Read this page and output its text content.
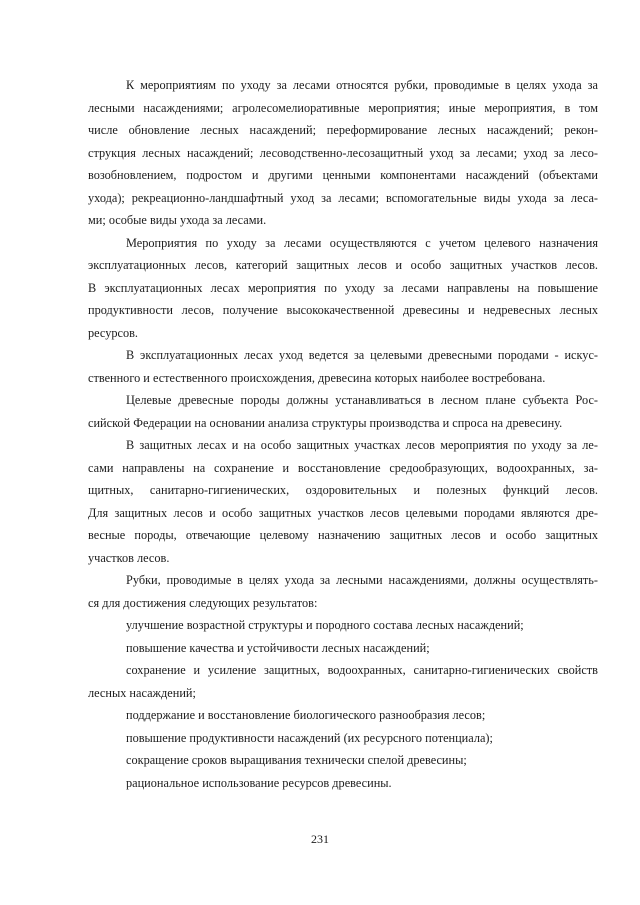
К мероприятиям по уходу за лесами относятся рубки, проводимые в целях ухода за
лесными насаждениями; агролесомелиоративные мероприятия; иные мероприятия, в том
числе обновление лесных насаждений; переформирование лесных насаждений; рекон-
струкция лесных насаждений; лесоводственно-лесозащитный уход за лесами; уход за лесо-
возобновлением, подростом и другими ценными компонентами насаждений (объектами
ухода); рекреационно-ландшафтный уход за лесами; вспомогательные виды ухода за леса-
ми; особые виды ухода за лесами.
Мероприятия по уходу за лесами осуществляются с учетом целевого назначения
эксплуатационных лесов, категорий защитных лесов и особо защитных участков лесов.
В эксплуатационных лесах мероприятия по уходу за лесами направлены на повышение
продуктивности лесов, получение высококачественной древесины и недревесных лесных
ресурсов.
В эксплуатационных лесах уход ведется за целевыми древесными породами - искус-
ственного и естественного происхождения, древесина которых наиболее востребована.
Целевые древесные породы должны устанавливаться в лесном плане субъекта Рос-
сийской Федерации на основании анализа структуры производства и спроса на древесину.
В защитных лесах и на особо защитных участках лесов мероприятия по уходу за ле-
сами направлены на сохранение и восстановление средообразующих, водоохранных, за-
щитных, санитарно-гигиенических, оздоровительных и полезных функций лесов.
Для защитных лесов и особо защитных участков лесов целевыми породами являются дре-
весные породы, отвечающие целевому назначению защитных лесов и особо защитных
участков лесов.
Рубки, проводимые в целях ухода за лесными насаждениями, должны осуществлять-
ся для достижения следующих результатов:
улучшение возрастной структуры и породного состава лесных насаждений;
повышение качества и устойчивости лесных насаждений;
сохранение и усиление защитных, водоохранных, санитарно-гигиенических свойств
лесных насаждений;
поддержание и восстановление биологического разнообразия лесов;
повышение продуктивности насаждений (их ресурсного потенциала);
сокращение сроков выращивания технически спелой древесины;
рациональное использование ресурсов древесины.
231
